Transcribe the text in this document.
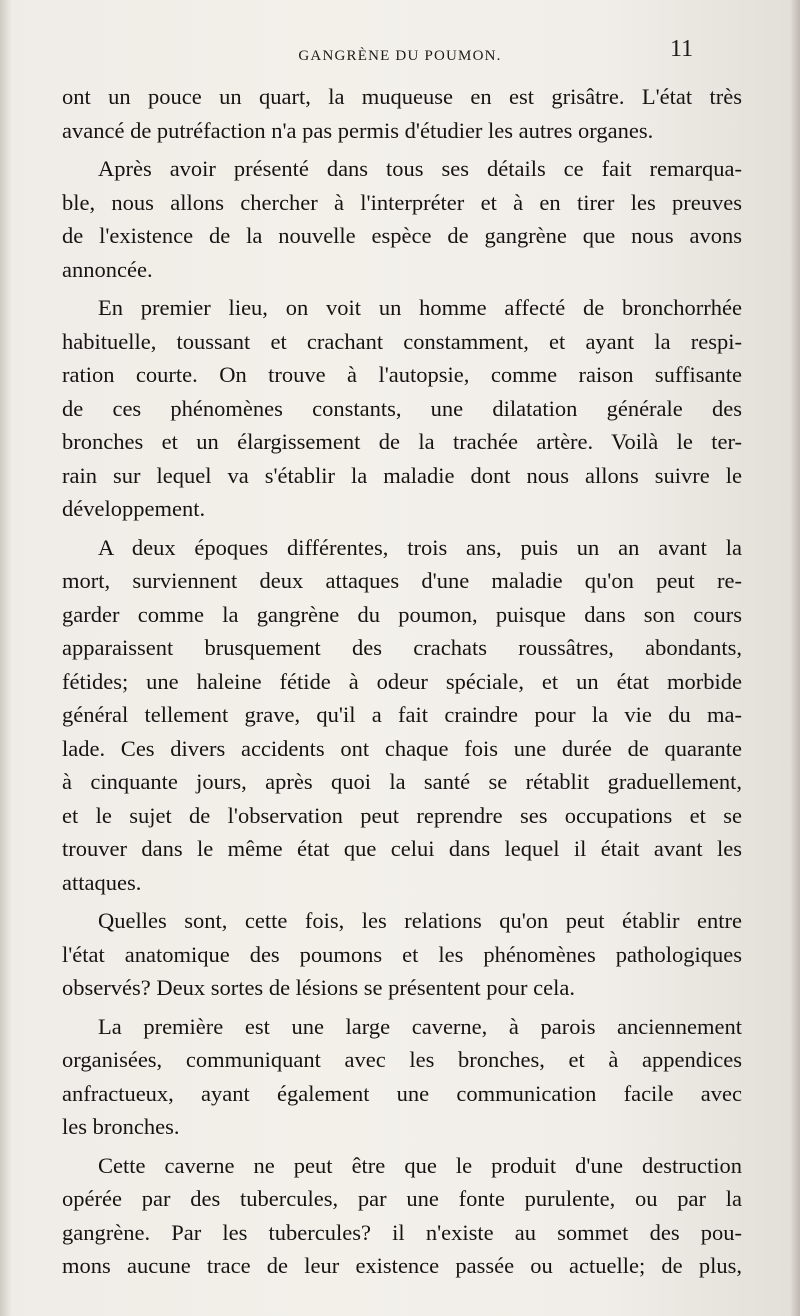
GANGRÈNE DU POUMON.	11
ont un pouce un quart, la muqueuse en est grisâtre. L'état très
avancé de putréfaction n'a pas permis d'étudier les autres organes.
Après avoir présenté dans tous ses détails ce fait remarqua-
ble, nous allons chercher à l'interpréter et à en tirer les preuves
de l'existence de la nouvelle espèce de gangrène que nous avons
annoncée.
En premier lieu, on voit un homme affecté de bronchorrhée
habituelle, toussant et crachant constamment, et ayant la respi-
ration courte. On trouve à l'autopsie, comme raison suffisante
de ces phénomènes constants, une dilatation générale des
bronches et un élargissement de la trachée artère. Voilà le ter-
rain sur lequel va s'établir la maladie dont nous allons suivre le
développement.
A deux époques différentes, trois ans, puis un an avant la
mort, surviennent deux attaques d'une maladie qu'on peut re-
garder comme la gangrène du poumon, puisque dans son cours
apparaissent brusquement des crachats roussâtres, abondants,
fétides; une haleine fétide à odeur spéciale, et un état morbide
général tellement grave, qu'il a fait craindre pour la vie du ma-
lade. Ces divers accidents ont chaque fois une durée de quarante
à cinquante jours, après quoi la santé se rétablit graduellement,
et le sujet de l'observation peut reprendre ses occupations et se
trouver dans le même état que celui dans lequel il était avant les
attaques.
Quelles sont, cette fois, les relations qu'on peut établir entre
l'état anatomique des poumons et les phénomènes pathologiques
observés? Deux sortes de lésions se présentent pour cela.
La première est une large caverne, à parois anciennement
organisées, communiquant avec les bronches, et à appendices
anfractueux, ayant également une communication facile avec
les bronches.
Cette caverne ne peut être que le produit d'une destruction
opérée par des tubercules, par une fonte purulente, ou par la
gangrène. Par les tubercules? il n'existe au sommet des pou-
mons aucune trace de leur existence passée ou actuelle; de plus,
